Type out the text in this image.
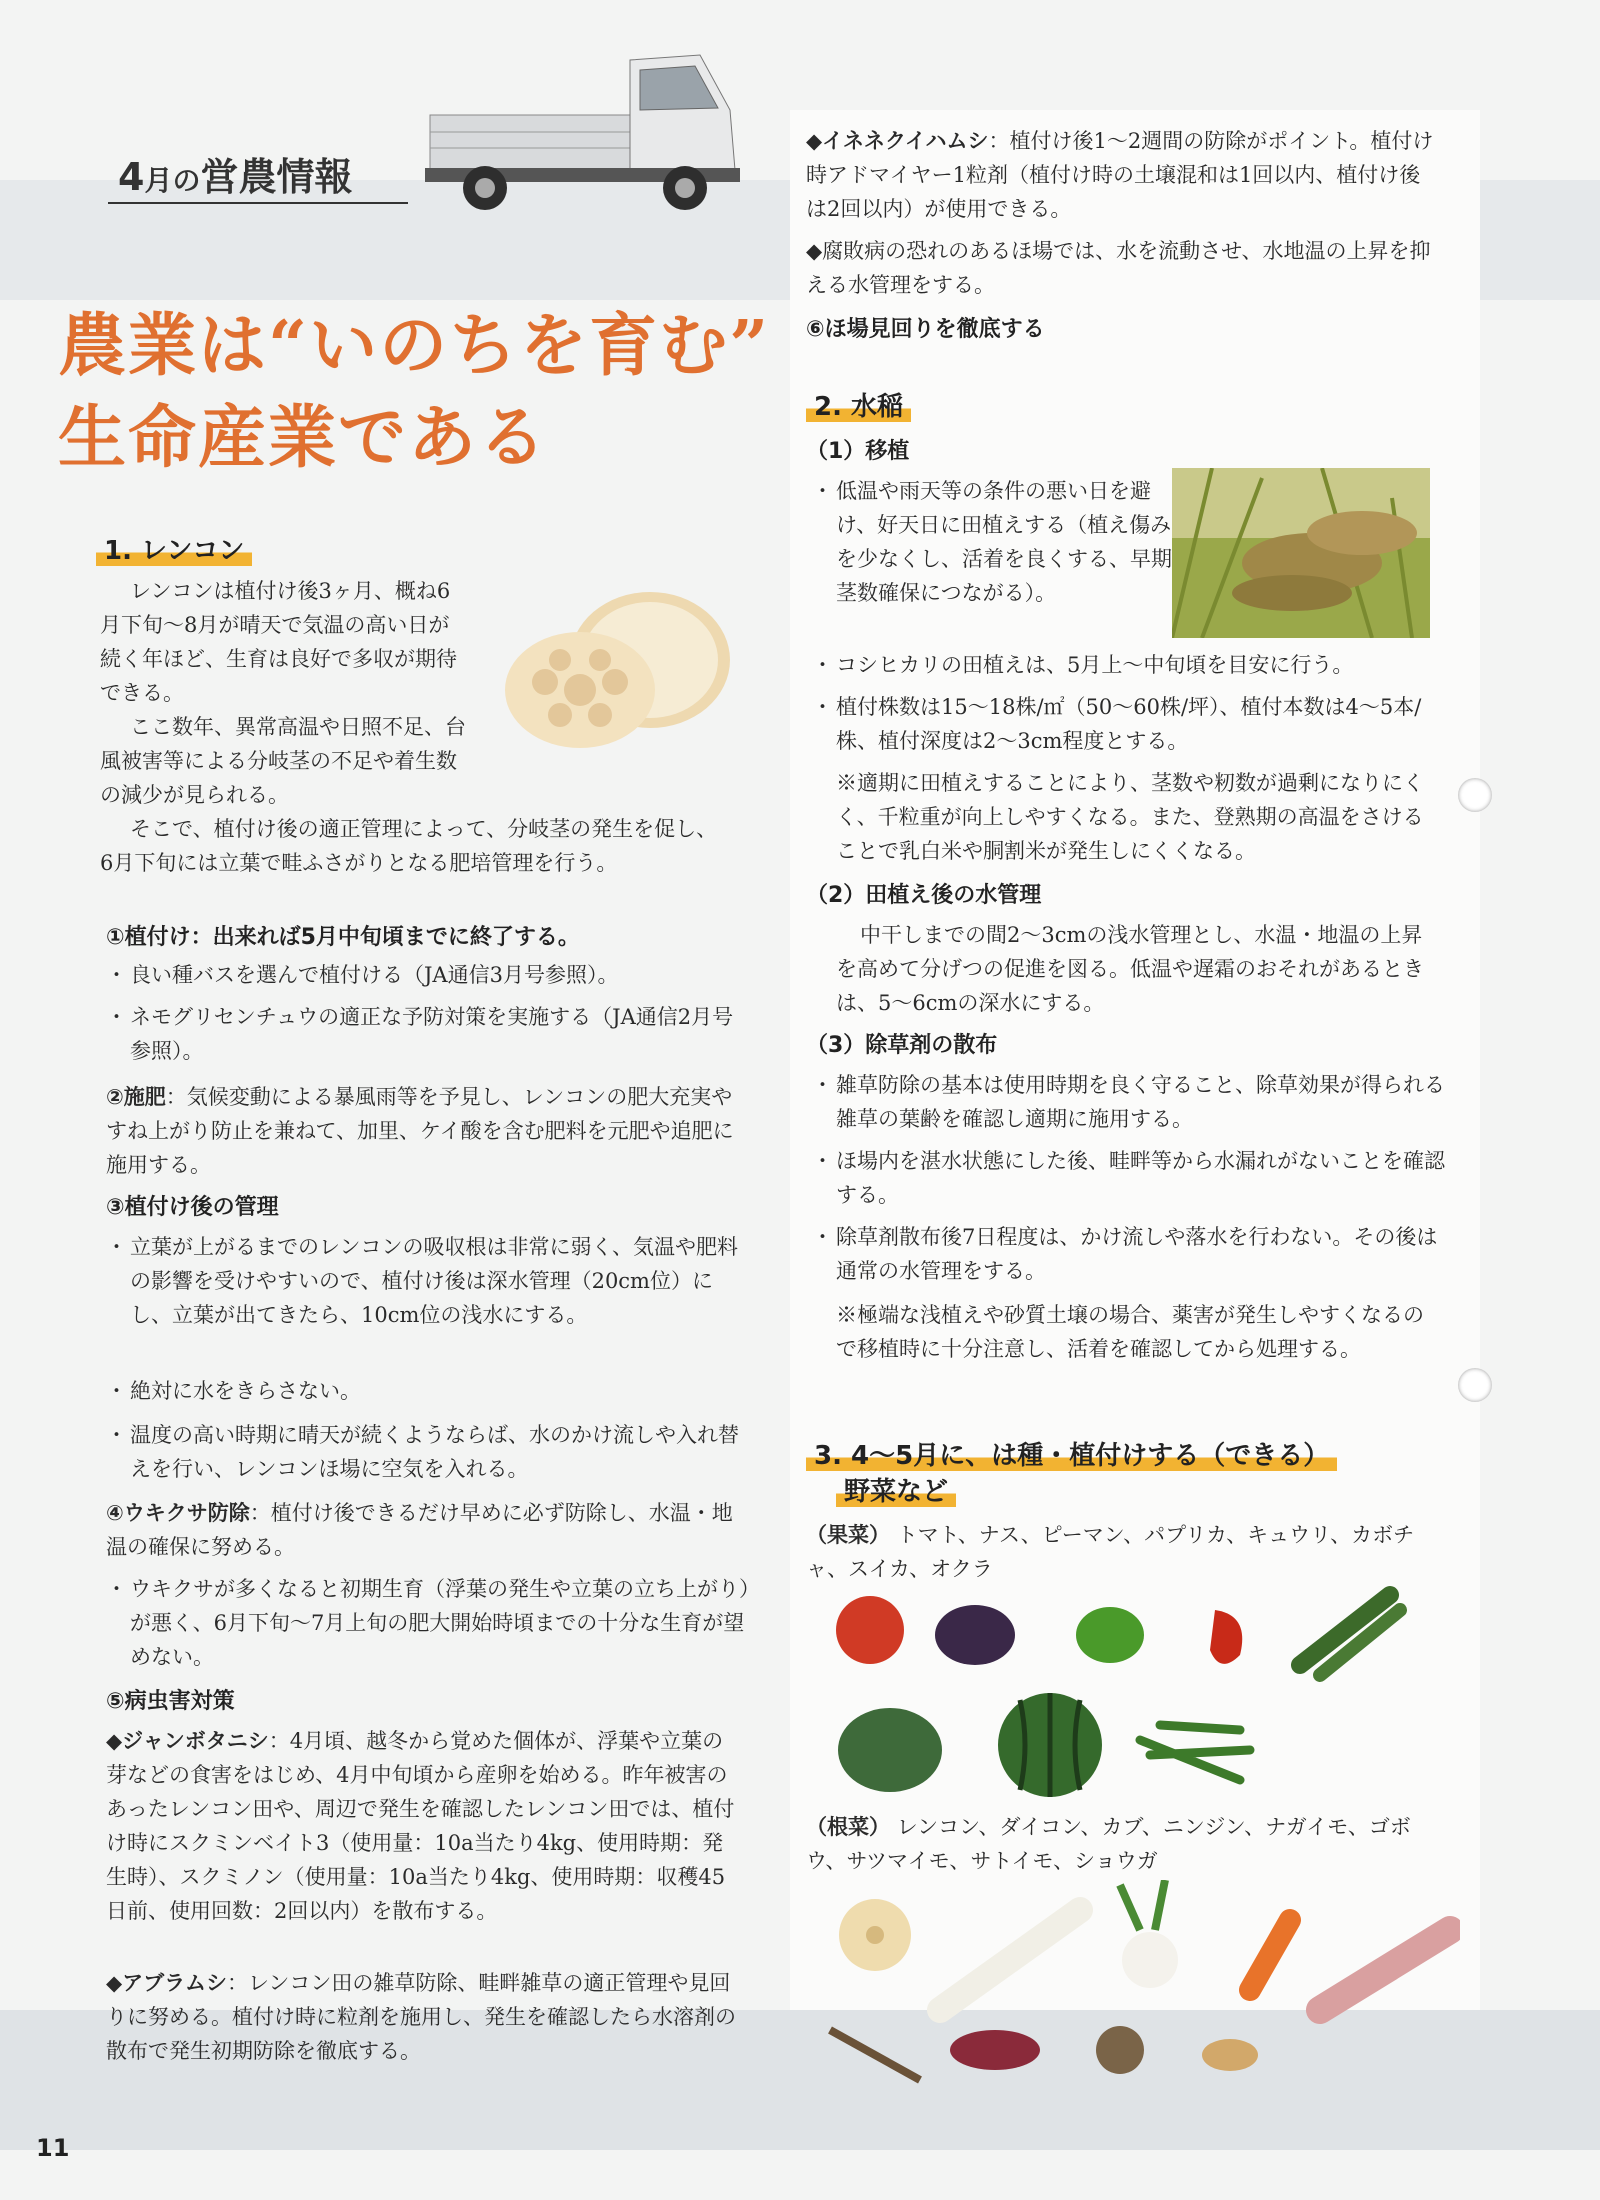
4月の営農情報
農業は“いのちを育む”
生命産業である
1. レンコン
レンコンは植付け後3ヶ月、概ね6月下旬～8月が晴天で気温の高い日が続く年ほど、生育は良好で多収が期待できる。
ここ数年、異常高温や日照不足、台風被害等による分岐茎の不足や着生数の減少が見られる。
そこで、植付け後の適正管理によって、分岐茎の発生を促し、6月下旬には立葉で畦ふさがりとなる肥培管理を行う。
①植付け：出来れば5月中旬頃までに終了する。
・ 良い種バスを選んで植付ける（JA通信3月号参照）。
・ ネモグリセンチュウの適正な予防対策を実施する（JA通信2月号参照）。
②施肥：気候変動による暴風雨等を予見し、レンコンの肥大充実やすね上がり防止を兼ねて、加里、ケイ酸を含む肥料を元肥や追肥に施用する。
③植付け後の管理
・ 立葉が上がるまでのレンコンの吸収根は非常に弱く、気温や肥料の影響を受けやすいので、植付け後は深水管理（20cm位）にし、立葉が出てきたら、10cm位の浅水にする。
・ 絶対に水をきらさない。
・ 温度の高い時期に晴天が続くようならば、水のかけ流しや入れ替えを行い、レンコンほ場に空気を入れる。
④ウキクサ防除：植付け後できるだけ早めに必ず防除し、水温・地温の確保に努める。
・ ウキクサが多くなると初期生育（浮葉の発生や立葉の立ち上がり）が悪く、6月下旬～7月上旬の肥大開始時頃までの十分な生育が望めない。
⑤病虫害対策
◆ジャンボタニシ：4月頃、越冬から覚めた個体が、浮葉や立葉の芽などの食害をはじめ、4月中旬頃から産卵を始める。昨年被害のあったレンコン田や、周辺で発生を確認したレンコン田では、植付け時にスクミンベイト3（使用量：10a当たり4kg、使用時期：発生時）、スクミノン（使用量：10a当たり4kg、使用時期：収穫45日前、使用回数：2回以内）を散布する。
◆アブラムシ：レンコン田の雑草防除、畦畔雑草の適正管理や見回りに努める。植付け時に粒剤を施用し、発生を確認したら水溶剤の散布で発生初期防除を徹底する。
◆イネネクイハムシ：植付け後1～2週間の防除がポイント。植付け時アドマイヤー1粒剤（植付け時の土壌混和は1回以内、植付け後は2回以内）が使用できる。
◆腐敗病の恐れのあるほ場では、水を流動させ、水地温の上昇を抑える水管理をする。
⑥ほ場見回りを徹底する
2. 水稲
（1）移植
・ 低温や雨天等の条件の悪い日を避け、好天日に田植えする（植え傷みを少なくし、活着を良くする、早期茎数確保につながる）。
・ コシヒカリの田植えは、5月上～中旬頃を目安に行う。
・ 植付株数は15～18株/㎡（50～60株/坪）、植付本数は4～5本/株、植付深度は2～3cm程度とする。
※適期に田植えすることにより、茎数や籾数が過剰になりにくく、千粒重が向上しやすくなる。また、登熟期の高温をさけることで乳白米や胴割米が発生しにくくなる。
（2）田植え後の水管理
中干しまでの間2～3cmの浅水管理とし、水温・地温の上昇を高めて分げつの促進を図る。低温や遅霜のおそれがあるときは、5～6cmの深水にする。
（3）除草剤の散布
・ 雑草防除の基本は使用時期を良く守ること、除草効果が得られる雑草の葉齢を確認し適期に施用する。
・ ほ場内を湛水状態にした後、畦畔等から水漏れがないことを確認する。
・ 除草剤散布後7日程度は、かけ流しや落水を行わない。その後は通常の水管理をする。
※極端な浅植えや砂質土壌の場合、薬害が発生しやすくなるので移植時に十分注意し、活着を確認してから処理する。
3. 4～5月に、は種・植付けする（できる）
野菜など
（果菜） トマト、ナス、ピーマン、パプリカ、キュウリ、カボチャ、スイカ、オクラ
（根菜） レンコン、ダイコン、カブ、ニンジン、ナガイモ、ゴボウ、サツマイモ、サトイモ、ショウガ
11
